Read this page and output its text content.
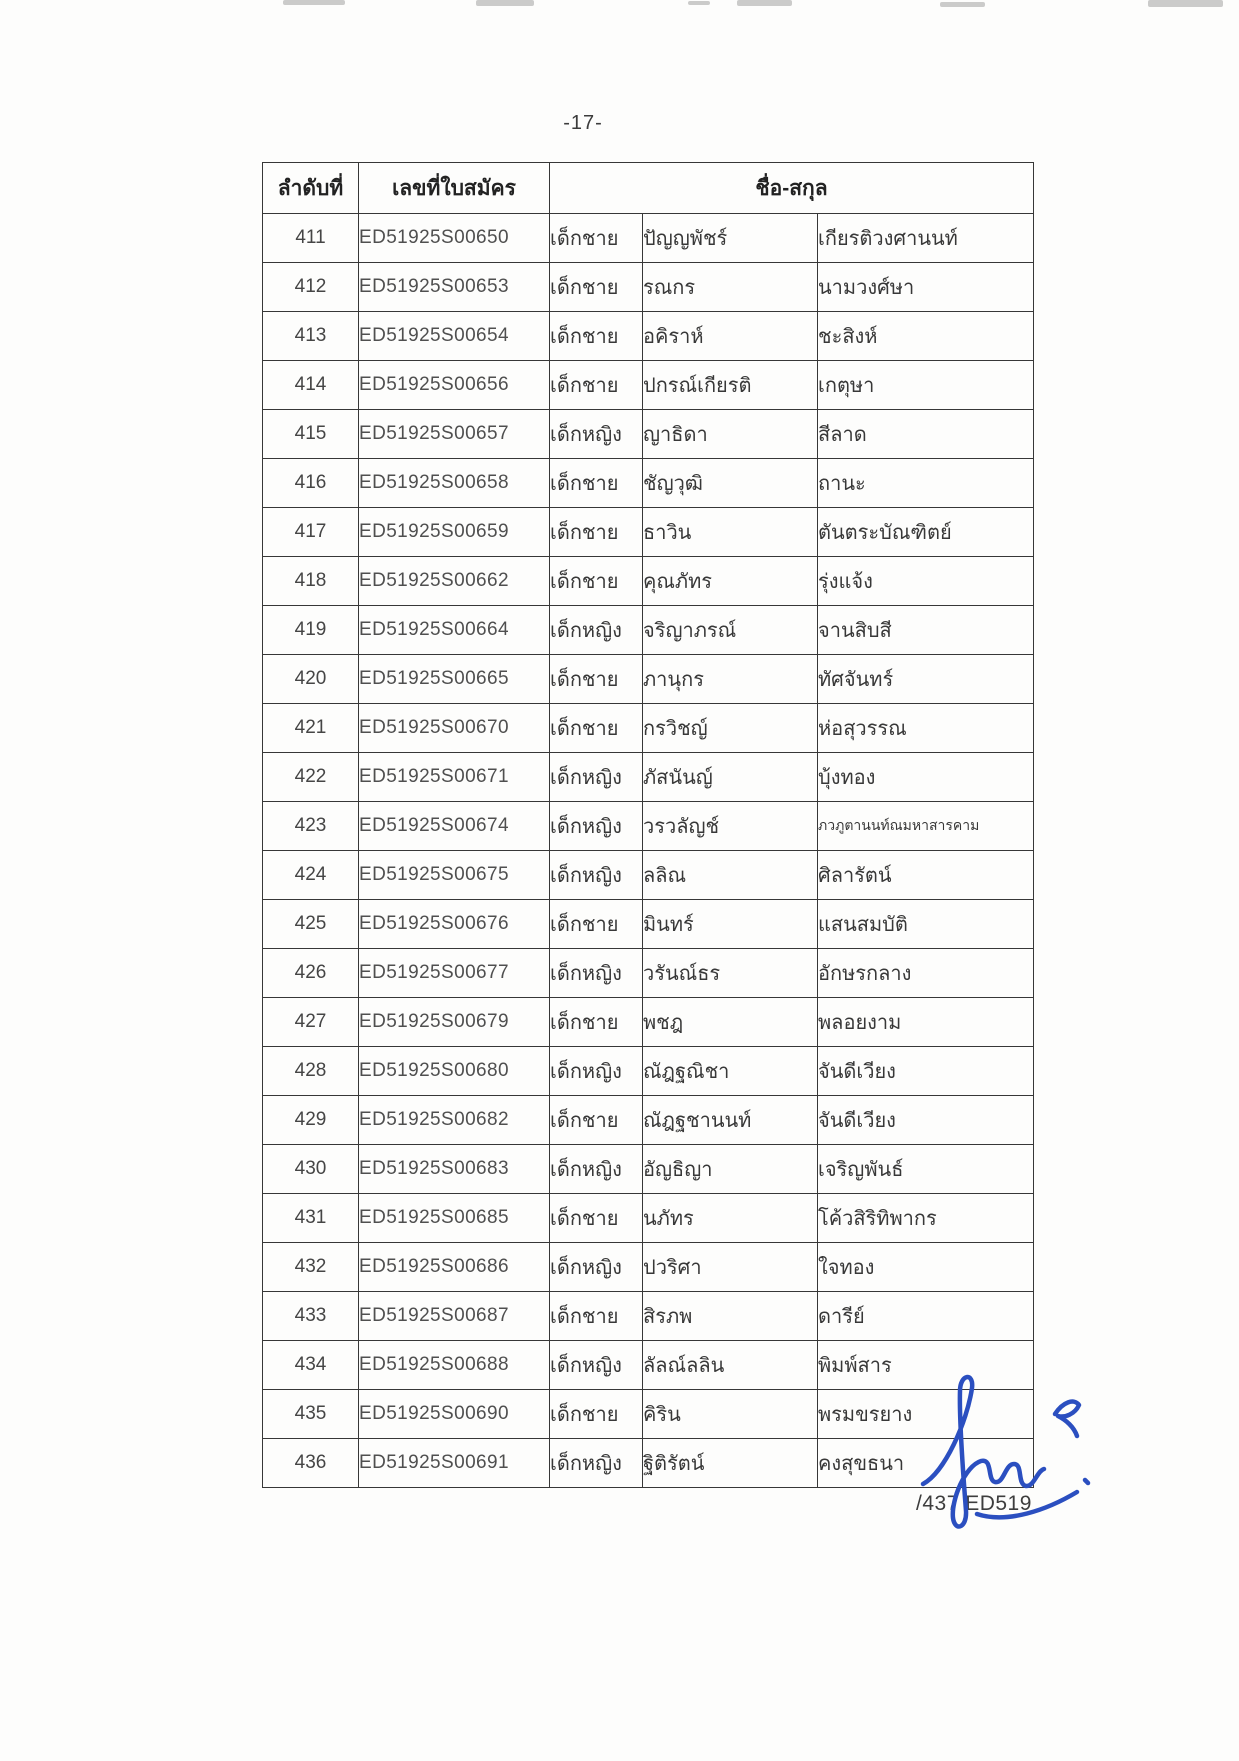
-17-
ลำดับที่	เลขที่ใบสมัคร	ชื่อ-สกุล		
411	ED51925S00650	เด็กชาย	ปัญญพัชร์	เกียรติวงศานนท์
412	ED51925S00653	เด็กชาย	รณกร	นามวงศ์ษา
413	ED51925S00654	เด็กชาย	อคิราห์	ชะสิงห์
414	ED51925S00656	เด็กชาย	ปกรณ์เกียรติ	เกตุษา
415	ED51925S00657	เด็กหญิง	ญาธิดา	สีลาด
416	ED51925S00658	เด็กชาย	ชัญวุฒิ	ถานะ
417	ED51925S00659	เด็กชาย	ธาวิน	ตันตระบัณฑิตย์
418	ED51925S00662	เด็กชาย	คุณภัทร	รุ่งแจ้ง
419	ED51925S00664	เด็กหญิง	จริญาภรณ์	จานสิบสี
420	ED51925S00665	เด็กชาย	ภานุกร	ทัศจันทร์
421	ED51925S00670	เด็กชาย	กรวิชญ์	ห่อสุวรรณ
422	ED51925S00671	เด็กหญิง	ภัสนันญ์	บุ้งทอง
423	ED51925S00674	เด็กหญิง	วรวลัญช์	ภวภูตานนท์ณมหาสารคาม
424	ED51925S00675	เด็กหญิง	ลลิณ	ศิลารัตน์
425	ED51925S00676	เด็กชาย	มินทร์	แสนสมบัติ
426	ED51925S00677	เด็กหญิง	วรันณ์ธร	อักษรกลาง
427	ED51925S00679	เด็กชาย	พชฎ	พลอยงาม
428	ED51925S00680	เด็กหญิง	ณัฎฐณิชา	จันดีเวียง
429	ED51925S00682	เด็กชาย	ณัฎฐชานนท์	จันดีเวียง
430	ED51925S00683	เด็กหญิง	อัญธิญา	เจริญพันธ์
431	ED51925S00685	เด็กชาย	นภัทร	โค้วสิริทิพากร
432	ED51925S00686	เด็กหญิง	ปวริศา	ใจทอง
433	ED51925S00687	เด็กชาย	สิรภพ	ดารีย์
434	ED51925S00688	เด็กหญิง	ลัลณ์ลลิน	พิมพ์สาร
435	ED51925S00690	เด็กชาย	คิริน	พรมขรยาง
436	ED51925S00691	เด็กหญิง	ฐิติรัตน์	คงสุขธนา
/437 ED519
